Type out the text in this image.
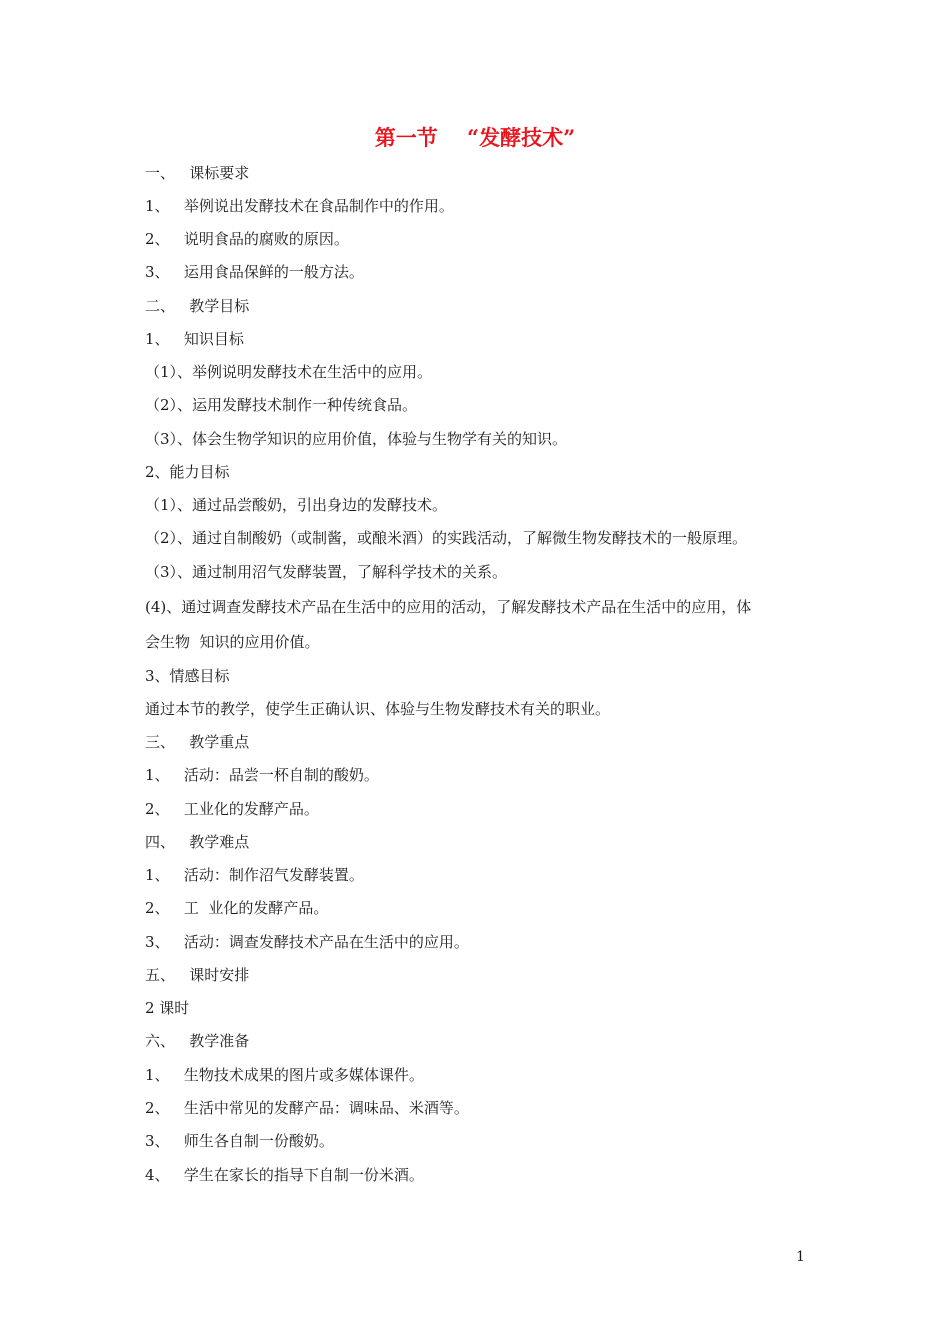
第一节    “发酵技术”
一、   课标要求
1、   举例说出发酵技术在食品制作中的作用。
2、   说明食品的腐败的原因。
3、   运用食品保鲜的一般方法。
二、   教学目标
1、   知识目标
（1）、举例说明发酵技术在生活中的应用。
（2）、运用发酵技术制作一种传统食品。
（3）、体会生物学知识的应用价值，体验与生物学有关的知识。
2、能力目标
（1）、通过品尝酸奶，引出身边的发酵技术。
（2）、通过自制酸奶（或制酱，或酿米酒）的实践活动，了解微生物发酵技术的一般原理。
（3）、通过制用沼气发酵装置，了解科学技术的关系。
(4)、通过调查发酵技术产品在生活中的应用的活动，了解发酵技术产品在生活中的应用，体
会生物  知识的应用价值。
3、情感目标
通过本节的教学，使学生正确认识、体验与生物发酵技术有关的职业。
三、   教学重点
1、   活动：品尝一杯自制的酸奶。
2、   工业化的发酵产品。
四、   教学难点
1、   活动：制作沼气发酵装置。
2、   工  业化的发酵产品。
3、   活动：调查发酵技术产品在生活中的应用。
五、   课时安排
2 课时
六、   教学准备
1、   生物技术成果的图片或多媒体课件。
2、   生活中常见的发酵产品：调味品、米酒等。
3、   师生各自制一份酸奶。
4、   学生在家长的指导下自制一份米酒。
1
